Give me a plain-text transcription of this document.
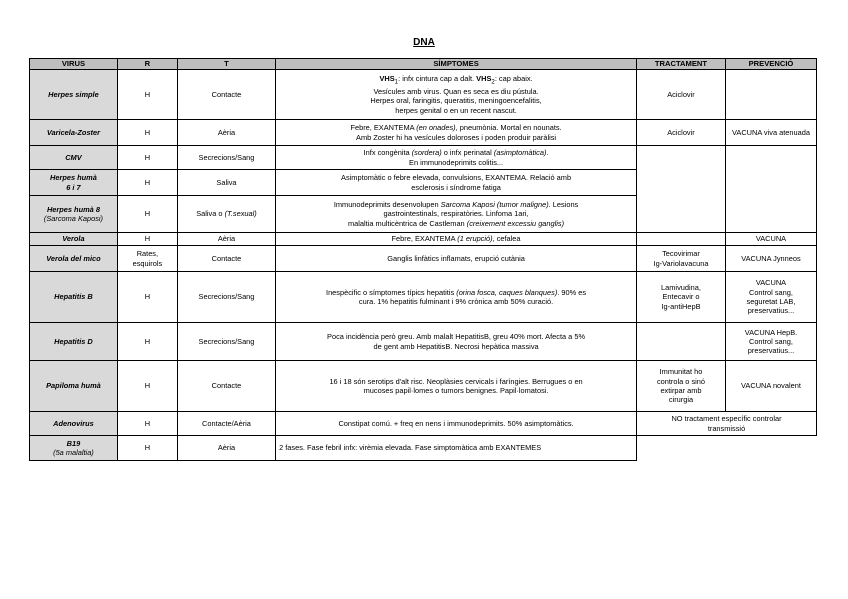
DNA
VIRUS	R	T	SÍMPTOMES	TRACTAMENT	PREVENCIÓ
Herpes simple	H	Contacte	$VHS_1$: infx cintura cap a dalt. $VHS_2$: cap abaix.
Vesícules amb virus. Quan es seca es diu pústula.
Herpes oral, faringitis, queratitis, meningoencefalitis,
herpes genital o en un recent nascut.	Aciclovir	
Varicela-Zoster	H	Aèria	Febre, EXANTEMA (en onades), pneumònia. Mortal en nounats.
Amb Zoster hi ha vesícules doloroses i poden produir paràlisi	Aciclovir	VACUNA viva atenuada
CMV	H	Secrecions/Sang	Infx congènita (sordera) o infx perinatal (asimptomàtica).
En immunodeprimits colitis...		
Herpes humà
6 i 7	H	Saliva	Asimptomàtic o febre elevada, convulsions, EXANTEMA. Relació amb
esclerosis i síndrome fatiga		
Herpes humà 8
(Sarcoma Kaposi)	H	Saliva o (T.sexual)	Immunodeprimits desenvolupen Sarcoma Kaposi (tumor maligne). Lesions
gastrointestinals, respiratòries. Linfoma 1ari,
malaltia multicèntrica de Castleman (creixement excessiu ganglis)		
Verola	H	Aèria	Febre, EXANTEMA (1 erupció), cefalea		VACUNA
Verola del mico	Rates,
esquirols	Contacte	Ganglis linfàtics inflamats, erupció cutània	Tecovirimar
Ig-Variolavacuna	VACUNA Jynneos
Hepatitis B	H	Secrecions/Sang	Inespècific o símptomes típics hepatitis (orina fosca, caques blanques). 90% es
cura. 1% hepatitis fulminant i 9% crònica amb 50% curació.	Lamivudina,
Entecavir o
Ig-antiHepB	VACUNA
Control sang,
seguretat LAB,
preservatius...
Hepatitis D	H	Secrecions/Sang	Poca incidència però greu. Amb malalt HepatitisB, greu 40% mort. Afecta a 5%
de gent amb HepatitisB. Necrosi hepàtica massiva		VACUNA HepB.
Control sang,
preservatius...
Papiloma humà	H	Contacte	16 i 18 són serotips d'alt risc. Neoplàsies cervicals i faríngies. Berrugues o en
mucoses papil·lomes o tumors benignes. Papil·lomatosi.	Immunitat ho
controla o sinó
extirpar amb
cirurgia	VACUNA novalent
Adenovirus	H	Contacte/Aèria	Constipat comú. + freq en nens i immunodeprimits. 50% asimptomàtics.	NO tractament específic controlar
transmissió	
B19
(5a malaltia)	H	Aèria	2 fases. Fase febril infx: virèmia elevada. Fase simptomàtica amb EXANTEMES		
